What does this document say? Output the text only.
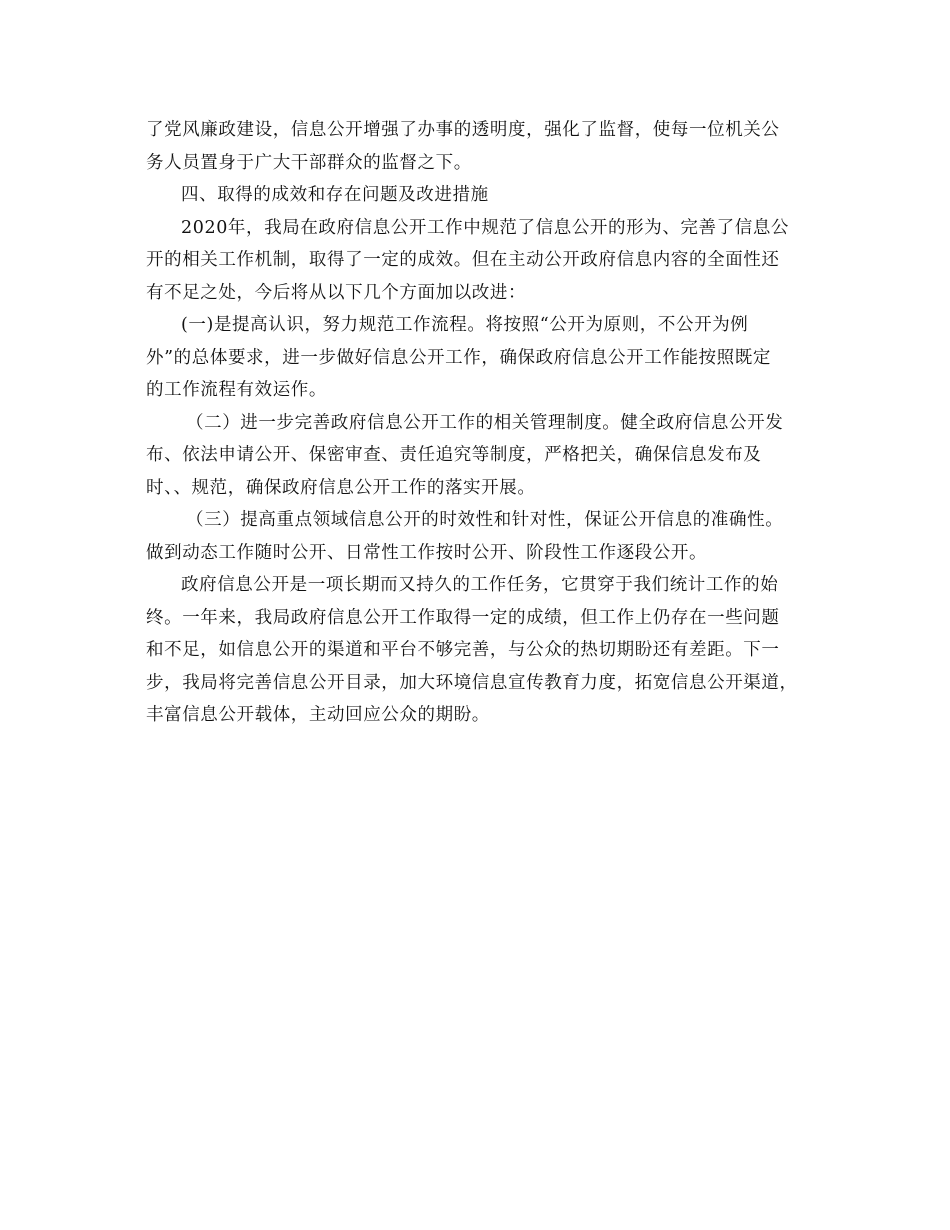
了党风廉政建设，信息公开增强了办事的透明度，强化了监督，使每一位机关公
务人员置身于广大干部群众的监督之下。
四、取得的成效和存在问题及改进措施
2020年，我局在政府信息公开工作中规范了信息公开的形为、完善了信息公
开的相关工作机制，取得了一定的成效。但在主动公开政府信息内容的全面性还
有不足之处，今后将从以下几个方面加以改进：
(一)是提高认识，努力规范工作流程。将按照“公开为原则，不公开为例
外”的总体要求，进一步做好信息公开工作，确保政府信息公开工作能按照既定
的工作流程有效运作。
（二）进一步完善政府信息公开工作的相关管理制度。健全政府信息公开发
布、依法申请公开、保密审查、责任追究等制度，严格把关，确保信息发布及
时、、规范，确保政府信息公开工作的落实开展。
（三）提高重点领域信息公开的时效性和针对性，保证公开信息的准确性。
做到动态工作随时公开、日常性工作按时公开、阶段性工作逐段公开。
政府信息公开是一项长期而又持久的工作任务，它贯穿于我们统计工作的始
终。一年来，我局政府信息公开工作取得一定的成绩，但工作上仍存在一些问题
和不足，如信息公开的渠道和平台不够完善，与公众的热切期盼还有差距。下一
步，我局将完善信息公开目录，加大环境信息宣传教育力度，拓宽信息公开渠道，
丰富信息公开载体，主动回应公众的期盼。
